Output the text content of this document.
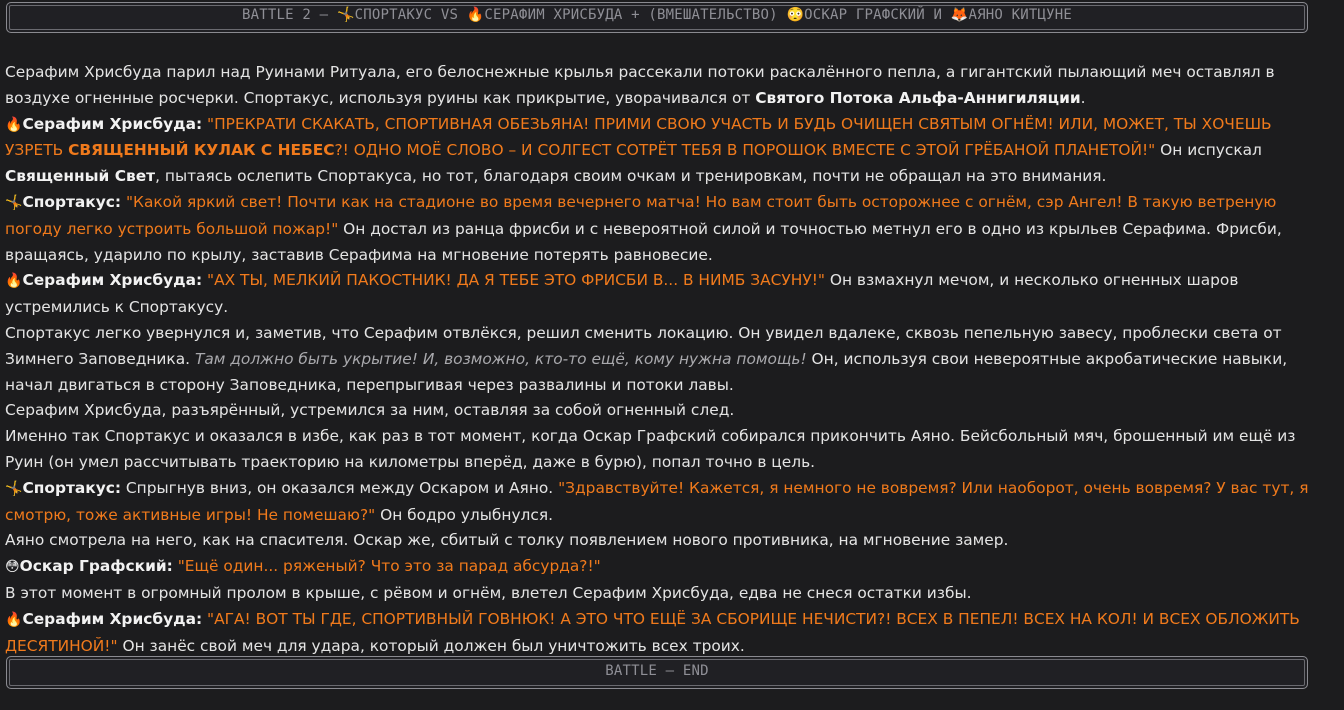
BATTLE 2 – 🤸СПОРТАКУС VS 🔥СЕРАФИМ ХРИСБУДА + (ВМЕШАТЕЛЬСТВО) 😳ОСКАР ГРАФСКИЙ И 🦊АЯНО КИТЦУНЕ

Серафим Хрисбуда парил над Руинами Ритуала, его белоснежные крылья рассекали потоки раскалённого пепла, а гигантский пылающий меч оставлял в воздухе огненные росчерки. Спортакус, используя руины как прикрытие, уворачивался от Святого Потока Альфа-Аннигиляции.

🔥Серафим Хрисбуда: "ПРЕКРАТИ СКАКАТЬ, СПОРТИВНАЯ ОБЕЗЬЯНА! ПРИМИ СВОЮ УЧАСТЬ И БУДЬ ОЧИЩЕН СВЯТЫМ ОГНЁМ! ИЛИ, МОЖЕТ, ТЫ ХОЧЕШЬ УЗРЕТЬ СВЯЩЕННЫЙ КУЛАК С НЕБЕС?! ОДНО МОЁ СЛОВО – И СОЛГЕСТ СОТРЁТ ТЕБЯ В ПОРОШОК ВМЕСТЕ С ЭТОЙ ГРЁБАНОЙ ПЛАНЕТОЙ!" Он испускал Священный Свет, пытаясь ослепить Спортакуса, но тот, благодаря своим очкам и тренировкам, почти не обращал на это внимания.

🤸Спортакус: "Какой яркий свет! Почти как на стадионе во время вечернего матча! Но вам стоит быть осторожнее с огнём, сэр Ангел! В такую ветреную погоду легко устроить большой пожар!" Он достал из ранца фрисби и с невероятной силой и точностью метнул его в одно из крыльев Серафима. Фрисби, вращаясь, ударило по крылу, заставив Серафима на мгновение потерять равновесие.

🔥Серафим Хрисбуда: "АХ ТЫ, МЕЛКИЙ ПАКОСТНИК! ДА Я ТЕБЕ ЭТО ФРИСБИ В... В НИМБ ЗАСУНУ!" Он взмахнул мечом, и несколько огненных шаров устремились к Спортакусу.

Спортакус легко увернулся и, заметив, что Серафим отвлёкся, решил сменить локацию. Он увидел вдалеке, сквозь пепельную завесу, проблески света от Зимнего Заповедника. Там должно быть укрытие! И, возможно, кто-то ещё, кому нужна помощь! Он, используя свои невероятные акробатические навыки, начал двигаться в сторону Заповедника, перепрыгивая через развалины и потоки лавы.

Серафим Хрисбуда, разъярённый, устремился за ним, оставляя за собой огненный след.

Именно так Спортакус и оказался в избе, как раз в тот момент, когда Оскар Графский собирался прикончить Аяно. Бейсбольный мяч, брошенный им ещё из Руин (он умел рассчитывать траекторию на километры вперёд, даже в бурю), попал точно в цель.

🤸Спортакус: Спрыгнув вниз, он оказался между Оскаром и Аяно. "Здравствуйте! Кажется, я немного не вовремя? Или наоборот, очень вовремя? У вас тут, я смотрю, тоже активные игры! Не помешаю?" Он бодро улыбнулся.

Аяно смотрела на него, как на спасителя. Оскар же, сбитый с толку появлением нового противника, на мгновение замер.

😳Оскар Графский: "Ещё один... ряженый? Что это за парад абсурда?!"

В этот момент в огромный пролом в крыше, с рёвом и огнём, влетел Серафим Хрисбуда, едва не снеся остатки избы.

🔥Серафим Хрисбуда: "АГА! ВОТ ТЫ ГДЕ, СПОРТИВНЫЙ ГОВНЮК! А ЭТО ЧТО ЕЩЁ ЗА СБОРИЩЕ НЕЧИСТИ?! ВСЕХ В ПЕПЕЛ! ВСЕХ НА КОЛ! И ВСЕХ ОБЛОЖИТЬ ДЕСЯТИНОЙ!" Он занёс свой меч для удара, который должен был уничтожить всех троих.

BATTLE – END
